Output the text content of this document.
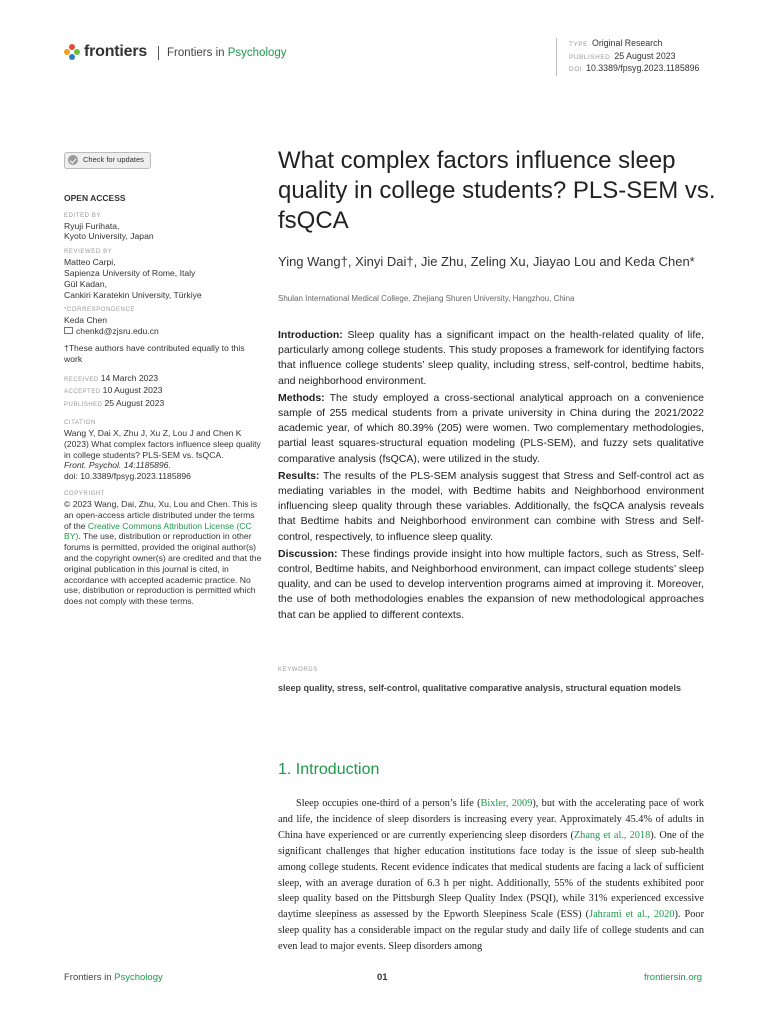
frontiers	Frontiers in Psychology
TYPE Original Research
PUBLISHED 25 August 2023
DOI 10.3389/fpsyg.2023.1185896
Check for updates
OPEN ACCESS
EDITED BY
Ryuji Furihata,
Kyoto University, Japan
REVIEWED BY
Matteo Carpi,
Sapienza University of Rome, Italy
Gül Kadan,
Cankiri Karatekin University, Türkiye
*CORRESPONDENCE
Keda Chen
chenkd@zjsru.edu.cn
†These authors have contributed equally to this work
RECEIVED 14 March 2023
ACCEPTED 10 August 2023
PUBLISHED 25 August 2023
CITATION
Wang Y, Dai X, Zhu J, Xu Z, Lou J and Chen K (2023) What complex factors influence sleep quality in college students? PLS-SEM vs. fsQCA.
Front. Psychol. 14:1185896.
doi: 10.3389/fpsyg.2023.1185896
COPYRIGHT
© 2023 Wang, Dai, Zhu, Xu, Lou and Chen. This is an open-access article distributed under the terms of the Creative Commons Attribution License (CC BY). The use, distribution or reproduction in other forums is permitted, provided the original author(s) and the copyright owner(s) are credited and that the original publication in this journal is cited, in accordance with accepted academic practice. No use, distribution or reproduction is permitted which does not comply with these terms.
What complex factors influence sleep quality in college students? PLS-SEM vs. fsQCA
Ying Wang†, Xinyi Dai†, Jie Zhu, Zeling Xu, Jiayao Lou and Keda Chen*
Shulan International Medical College, Zhejiang Shuren University, Hangzhou, China

Introduction: Sleep quality has a significant impact on the health-related quality of life, particularly among college students. This study proposes a framework for identifying factors that influence college students’ sleep quality, including stress, self-control, bedtime habits, and neighborhood environment.

Methods: The study employed a cross-sectional analytical approach on a convenience sample of 255 medical students from a private university in China during the 2021/2022 academic year, of which 80.39% (205) were women. Two complementary methodologies, partial least squares-structural equation modeling (PLS-SEM), and fuzzy sets qualitative comparative analysis (fsQCA), were utilized in the study.

Results: The results of the PLS-SEM analysis suggest that Stress and Self-control act as mediating variables in the model, with Bedtime habits and Neighborhood environment influencing sleep quality through these variables. Additionally, the fsQCA analysis reveals that Bedtime habits and Neighborhood environment can combine with Stress and Self-control, respectively, to influence sleep quality.

Discussion: These findings provide insight into how multiple factors, such as Stress, Self-control, Bedtime habits, and Neighborhood environment, can impact college students’ sleep quality, and can be used to develop intervention programs aimed at improving it. Moreover, the use of both methodologies enables the expansion of new methodological approaches that can be applied to different contexts.

KEYWORDS
sleep quality, stress, self-control, qualitative comparative analysis, structural equation models
1. Introduction

Sleep occupies one-third of a person’s life (Bixler, 2009), but with the accelerating pace of work and life, the incidence of sleep disorders is increasing every year. Approximately 45.4% of adults in China have experienced or are currently experiencing sleep disorders (Zhang et al., 2018). One of the significant challenges that higher education institutions face today is the issue of sleep sub-health among college students. Recent evidence indicates that medical students are facing a lack of sufficient sleep, with an average duration of 6.3 h per night. Additionally, 55% of the students exhibited poor sleep quality based on the Pittsburgh Sleep Quality Index (PSQI), while 31% experienced excessive daytime sleepiness as assessed by the Epworth Sleepiness Scale (ESS) (Jahrami et al., 2020). Poor sleep quality has a considerable impact on the regular study and daily life of college students and can even lead to major events. Sleep disorders among

Frontiers in Psychology	01	frontiersin.org
